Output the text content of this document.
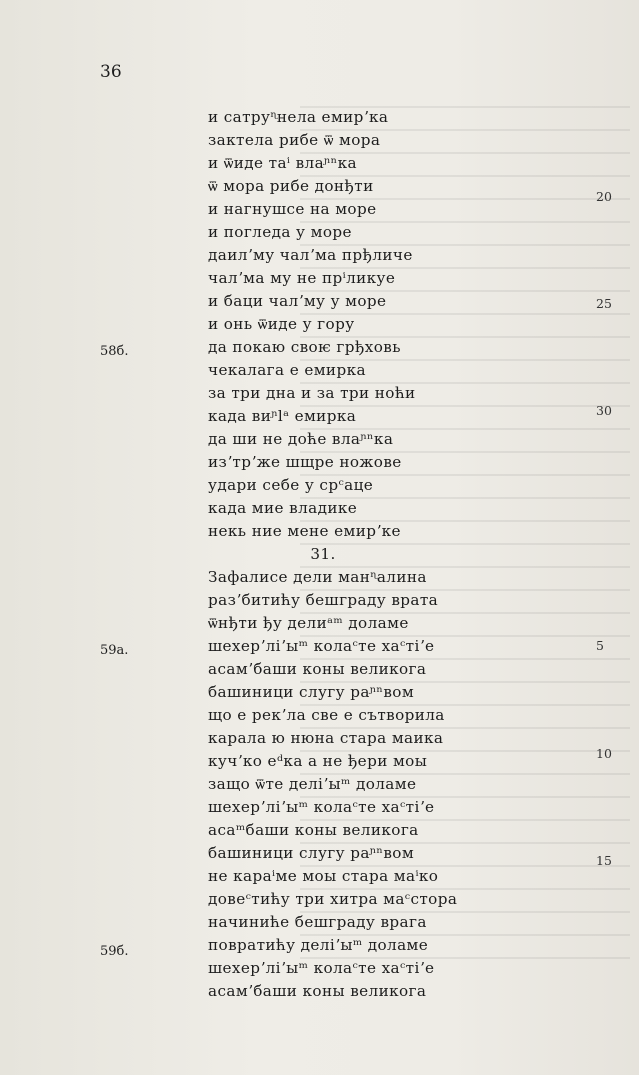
36
и сатруᶯнела емирʼка
зактела рибе ѿ мора
и ѿиде таⁱ влаᶮⁿка
ѿ мора рибе донђти
и нагнушсе на море
и погледа у море
даилʼму чалʼма прђличе
чалʼма му не прⁱликуе
и баци чалʼму у море
и онь ѿиде у гору
да покаю своѥ грђховь
чекалага е емирка
за три дна и за три ноћи
када виᶮlᵃ емирка
да ши не доће влаᶮⁿка
изʼтрʼже шщре ножове
удари себе у срᶜаце
када мие владике
некь ние мене емирʼке
31.
Зафалисе дели манᶯалина
разʼбитићу бешграду врата
ѿнђти ђу делиᵃᵐ доламе
шехерʼліʼыᵐ колаᶜте хаᶜтіʼе
асамʼбаши коны великога
башиници слугу раᶮⁿвом
що е рекʼла све е сътворила
карала ю нюна стара маика
кучʼко еᵈка а не ђери моы
защо ѿте деліʼыᵐ доламе
шехерʼліʼыᵐ колаᶜте хаᶜтіʼе
асаᵐбаши коны великога
башиници слугу раᶮⁿвом
не караⁱме моы стара маⁱко
довеᶜтићу три хитра маᶜстора
начинићe бешграду врага
повратићу деліʼыᵐ доламе
шехерʼліʼыᵐ колаᶜте хаᶜтіʼе
асамʼбаши коны великога
58б.
59а.
59б.
20
25
30
5
10
15
